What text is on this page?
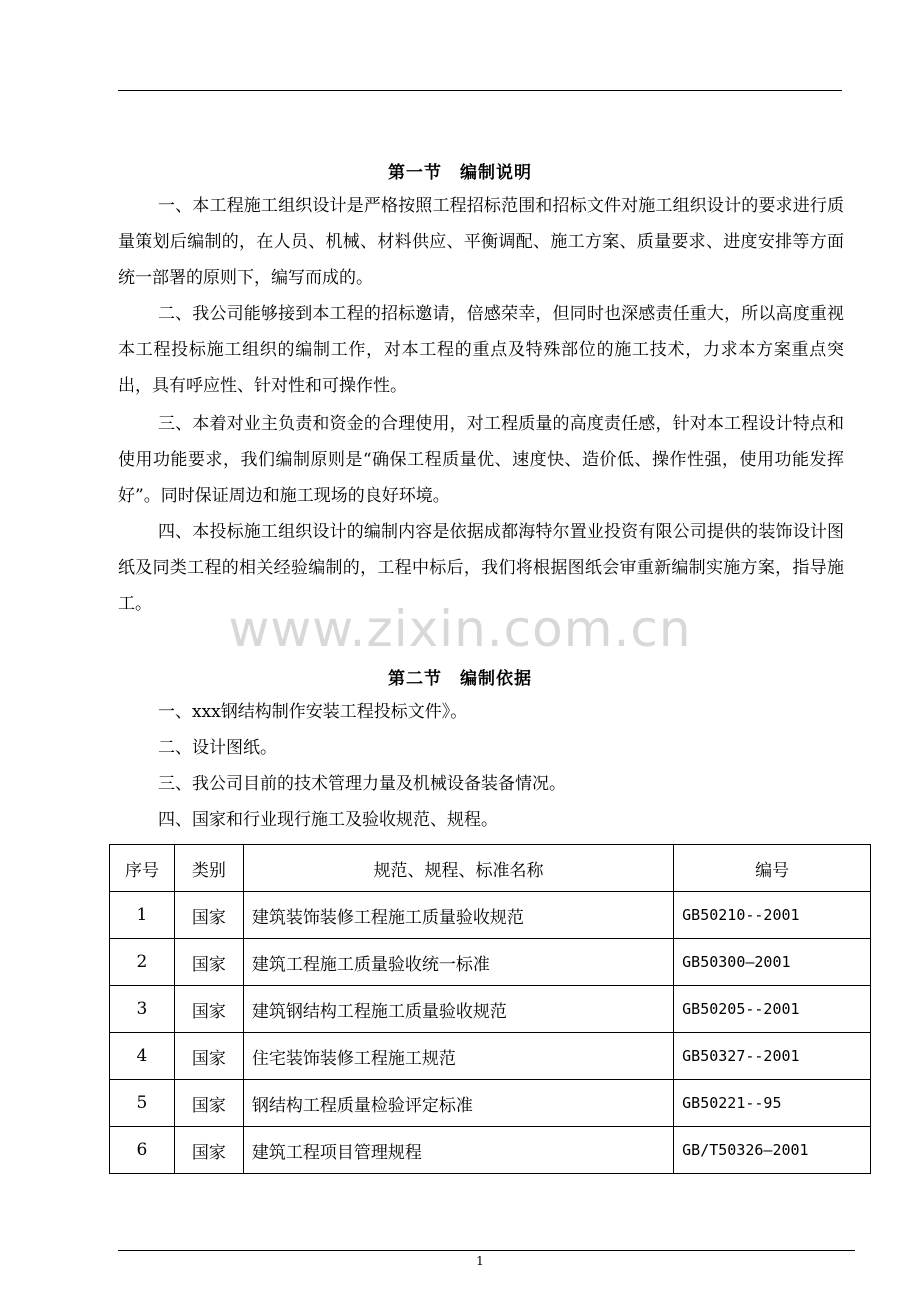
第一节　编制说明

一、本工程施工组织设计是严格按照工程招标范围和招标文件对施工组织设计的要求进行质量策划后编制的，在人员、机械、材料供应、平衡调配、施工方案、质量要求、进度安排等方面统一部署的原则下，编写而成的。

二、我公司能够接到本工程的招标邀请，倍感荣幸，但同时也深感责任重大，所以高度重视本工程投标施工组织的编制工作，对本工程的重点及特殊部位的施工技术，力求本方案重点突出，具有呼应性、针对性和可操作性。

三、本着对业主负责和资金的合理使用，对工程质量的高度责任感，针对本工程设计特点和使用功能要求，我们编制原则是“确保工程质量优、速度快、造价低、操作性强，使用功能发挥好”。同时保证周边和施工现场的良好环境。

四、本投标施工组织设计的编制内容是依据成都海特尔置业投资有限公司提供的装饰设计图纸及同类工程的相关经验编制的，工程中标后，我们将根据图纸会审重新编制实施方案，指导施工。	www.zixin.com.cn
第二节　编制依据
一、xxx钢结构制作安装工程投标文件》。
二、设计图纸。
三、我公司目前的技术管理力量及机械设备装备情况。
四、国家和行业现行施工及验收规范、规程。
序号	类别	规范、规程、标准名称	编号
1	国家	建筑装饰装修工程施工质量验收规范	GB50210--2001
2	国家	建筑工程施工质量验收统一标准	GB50300—2001
3	国家	建筑钢结构工程施工质量验收规范	GB50205--2001
4	国家	住宅装饰装修工程施工规范	GB50327--2001
5	国家	钢结构工程质量检验评定标准	GB50221--95
6	国家	建筑工程项目管理规程	GB/T50326—2001
1
